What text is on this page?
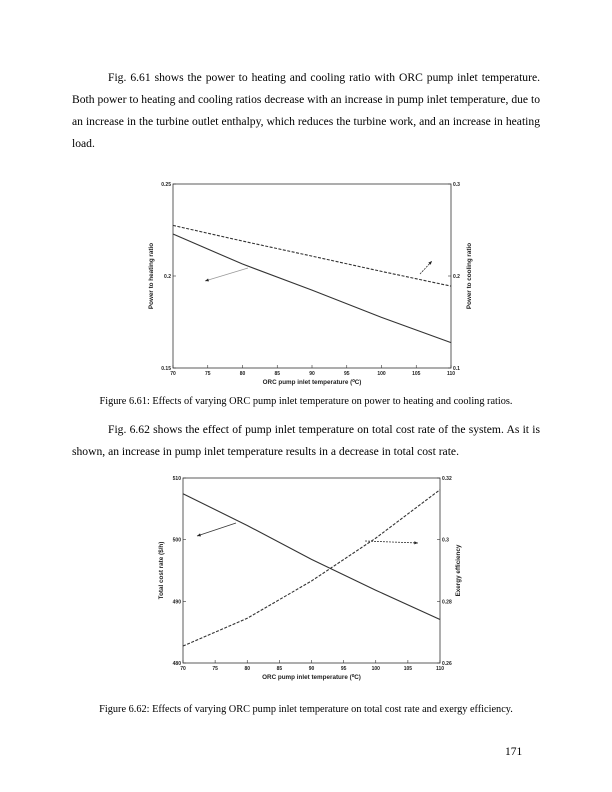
Fig. 6.61 shows the power to heating and cooling ratio with ORC pump inlet temperature. Both power to heating and cooling ratios decrease with an increase in pump inlet temperature, due to an increase in the turbine outlet enthalpy, which reduces the turbine work, and an increase in heating load.
70	75	80	85	90	95	100	105	110
0.15
0.2
0.25
0.1
0.2
0.3
ORC pump inlet temperature (⁰C)
Power to heating ratio	Power to cooling ratio
70	75	80	85	90	95	100	105	110
480
490
500
510
0.26
0.28
0.3
0.32
ORC pump inlet temperature (⁰C)
Total cost rate ($/h)	Exergy efficiency
Figure 6.61: Effects of varying ORC pump inlet temperature on power to heating and cooling ratios.
Fig. 6.62 shows the effect of pump inlet temperature on total cost rate of the system. As it is shown, an increase in pump inlet temperature results in a decrease in total cost rate.
Figure 6.62: Effects of varying ORC pump inlet temperature on total cost rate and exergy efficiency.
171
